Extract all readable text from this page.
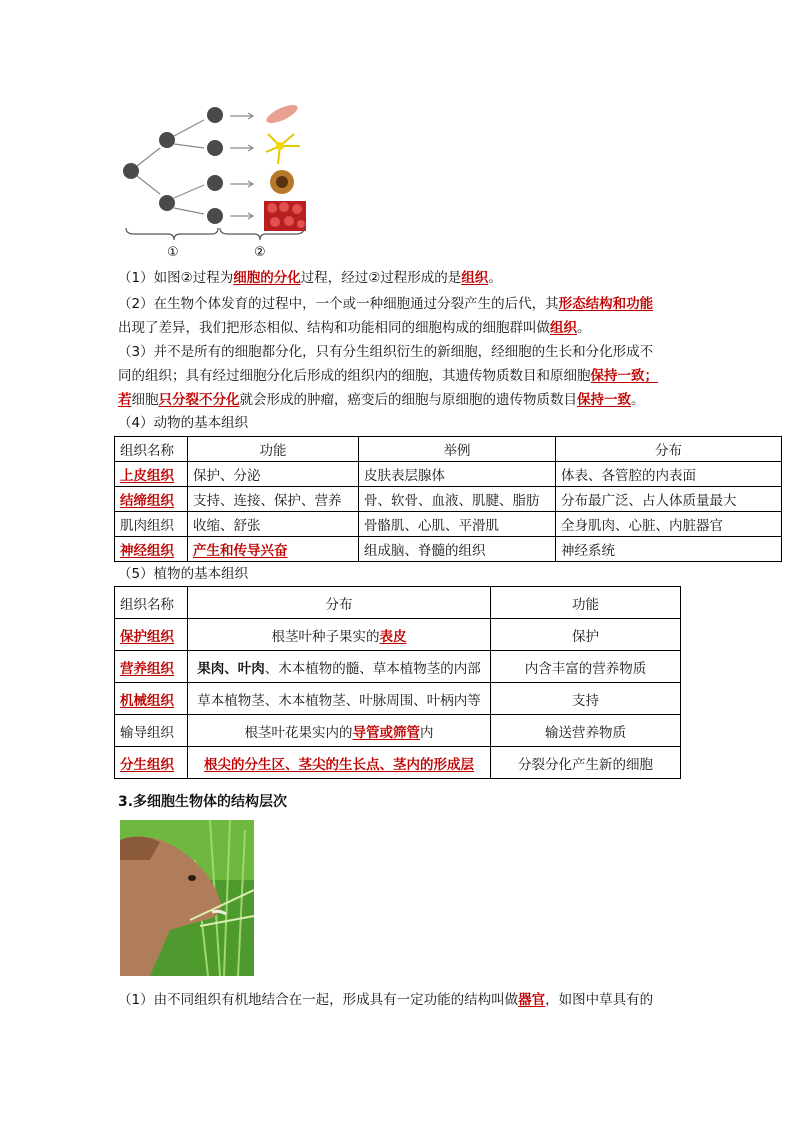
①	②
（1）如图②过程为细胞的分化过程，经过②过程形成的是组织。
（2）在生物个体发育的过程中，一个或一种细胞通过分裂产生的后代，其形态结构和功能
出现了差异，我们把形态相似、结构和功能相同的细胞构成的细胞群叫做组织。
（3）并不是所有的细胞都分化，只有分生组织衍生的新细胞，经细胞的生长和分化形成不
同的组织；具有经过细胞分化后形成的组织内的细胞，其遗传物质数目和原细胞保持一致；
若细胞只分裂不分化就会形成的肿瘤，癌变后的细胞与原细胞的遗传物质数目保持一致。
（4）动物的基本组织
组织名称	功能	举例	分布
上皮组织	保护、分泌	皮肤表层腺体	体表、各管腔的内表面
结缔组织	支持、连接、保护、营养	骨、软骨、血液、肌腱、脂肪	分布最广泛、占人体质量最大
肌肉组织	收缩、舒张	骨骼肌、心肌、平滑肌	全身肌肉、心脏、内脏器官
神经组织	产生和传导兴奋	组成脑、脊髓的组织	神经系统
（5）植物的基本组织
组织名称	分布	功能
保护组织	根茎叶种子果实的表皮	保护
营养组织	果肉、叶肉、木本植物的髓、草本植物茎的内部	内含丰富的营养物质
机械组织	草本植物茎、木本植物茎、叶脉周围、叶柄内等	支持
输导组织	根茎叶花果实内的导管或筛管内	输送营养物质
分生组织	根尖的分生区、茎尖的生长点、茎内的形成层	分裂分化产生新的细胞
3.多细胞生物体的结构层次
（1）由不同组织有机地结合在一起，形成具有一定功能的结构叫做器官，如图中草具有的
